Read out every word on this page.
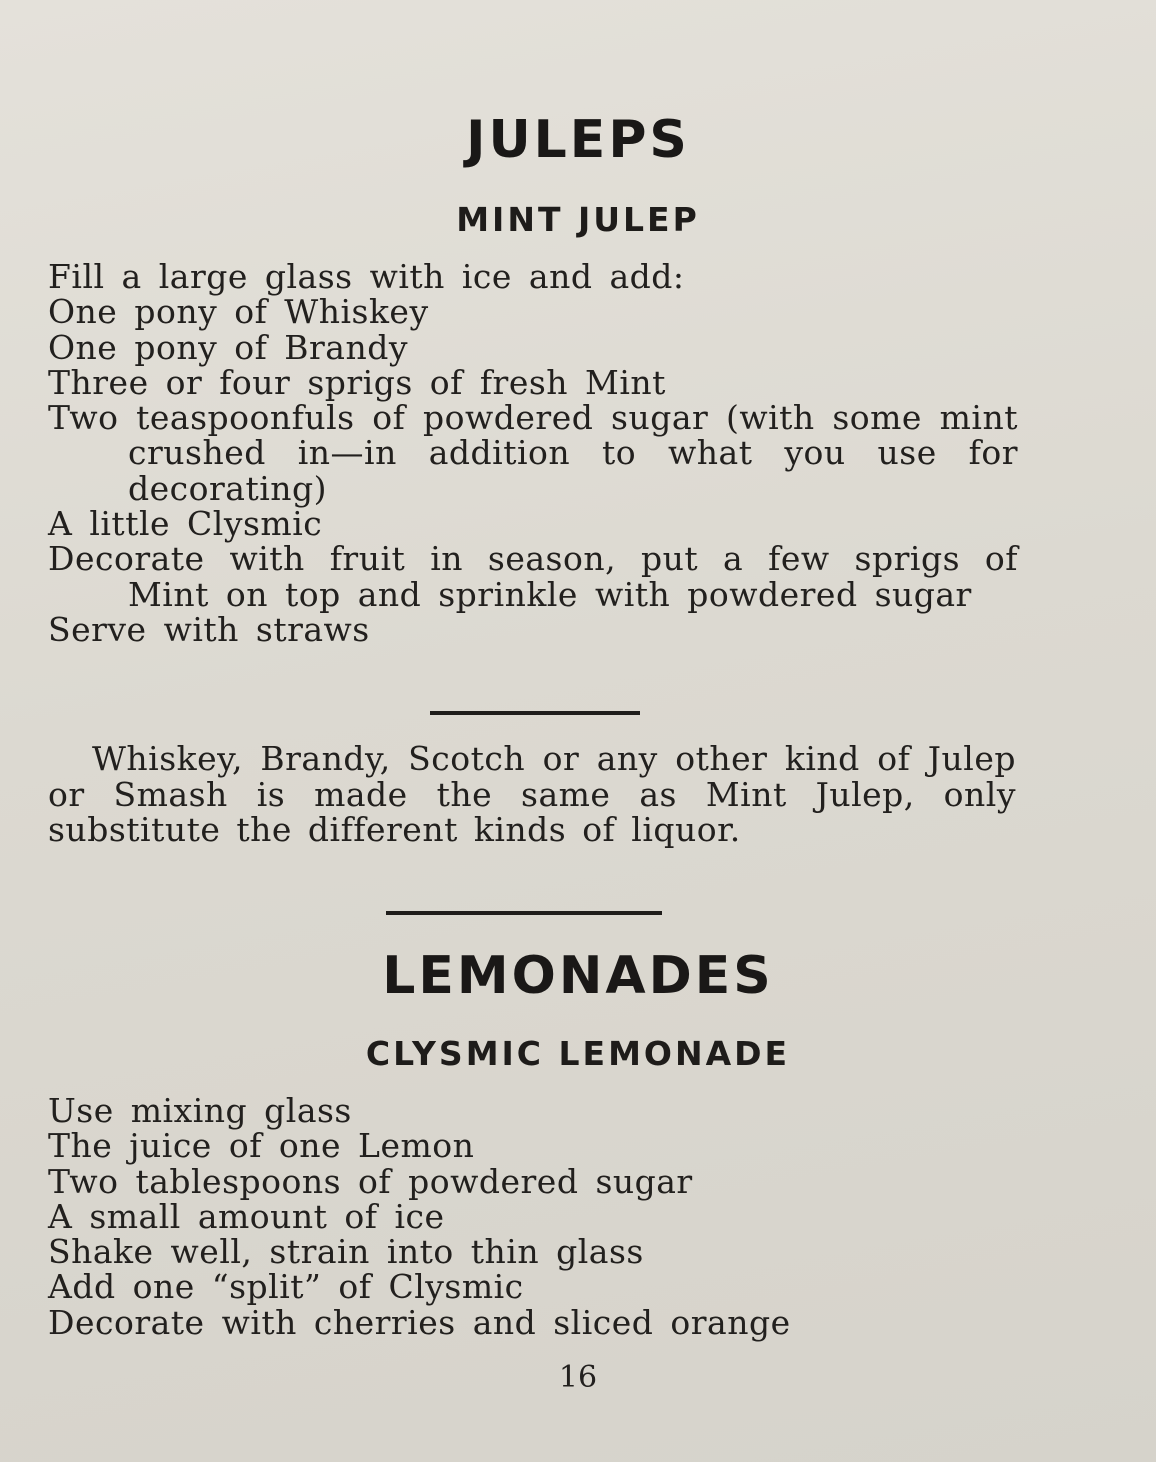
JULEPS
MINT JULEP
Fill a large glass with ice and add:
One pony of Whiskey
One pony of Brandy
Three or four sprigs of fresh Mint
Two teaspoonfuls of powdered sugar (with some mint crushed in—in addition to what you use for decorating)
A little Clysmic
Decorate with fruit in season, put a few sprigs of Mint on top and sprinkle with powdered sugar
Serve with straws

Whiskey, Brandy, Scotch or any other kind of Julep or Smash is made the same as Mint Julep, only substitute the different kinds of liquor.

LEMONADES
CLYSMIC LEMONADE
Use mixing glass
The juice of one Lemon
Two tablespoons of powdered sugar
A small amount of ice
Shake well, strain into thin glass
Add one “split” of Clysmic
Decorate with cherries and sliced orange

16
